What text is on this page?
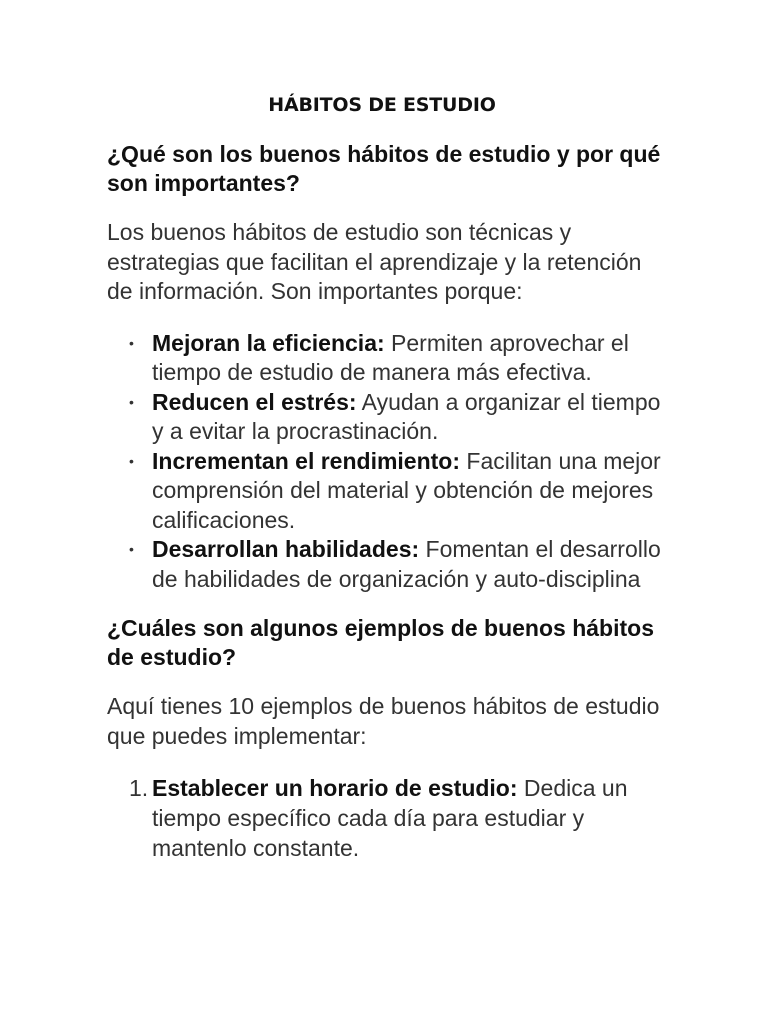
HÁBITOS DE ESTUDIO
¿Qué son los buenos hábitos de estudio y por qué son importantes?
Los buenos hábitos de estudio son técnicas y estrategias que facilitan el aprendizaje y la retención de información. Son importantes porque:
• Mejoran la eficiencia: Permiten aprovechar el tiempo de estudio de manera más efectiva.
• Reducen el estrés: Ayudan a organizar el tiempo y a evitar la procrastinación.
• Incrementan el rendimiento: Facilitan una mejor comprensión del material y obtención de mejores calificaciones.
• Desarrollan habilidades: Fomentan el desarrollo de habilidades de organización y auto-disciplina
¿Cuáles son algunos ejemplos de buenos hábitos de estudio?
Aquí tienes 10 ejemplos de buenos hábitos de estudio que puedes implementar:
1. Establecer un horario de estudio: Dedica un tiempo específico cada día para estudiar y mantenlo constante.
